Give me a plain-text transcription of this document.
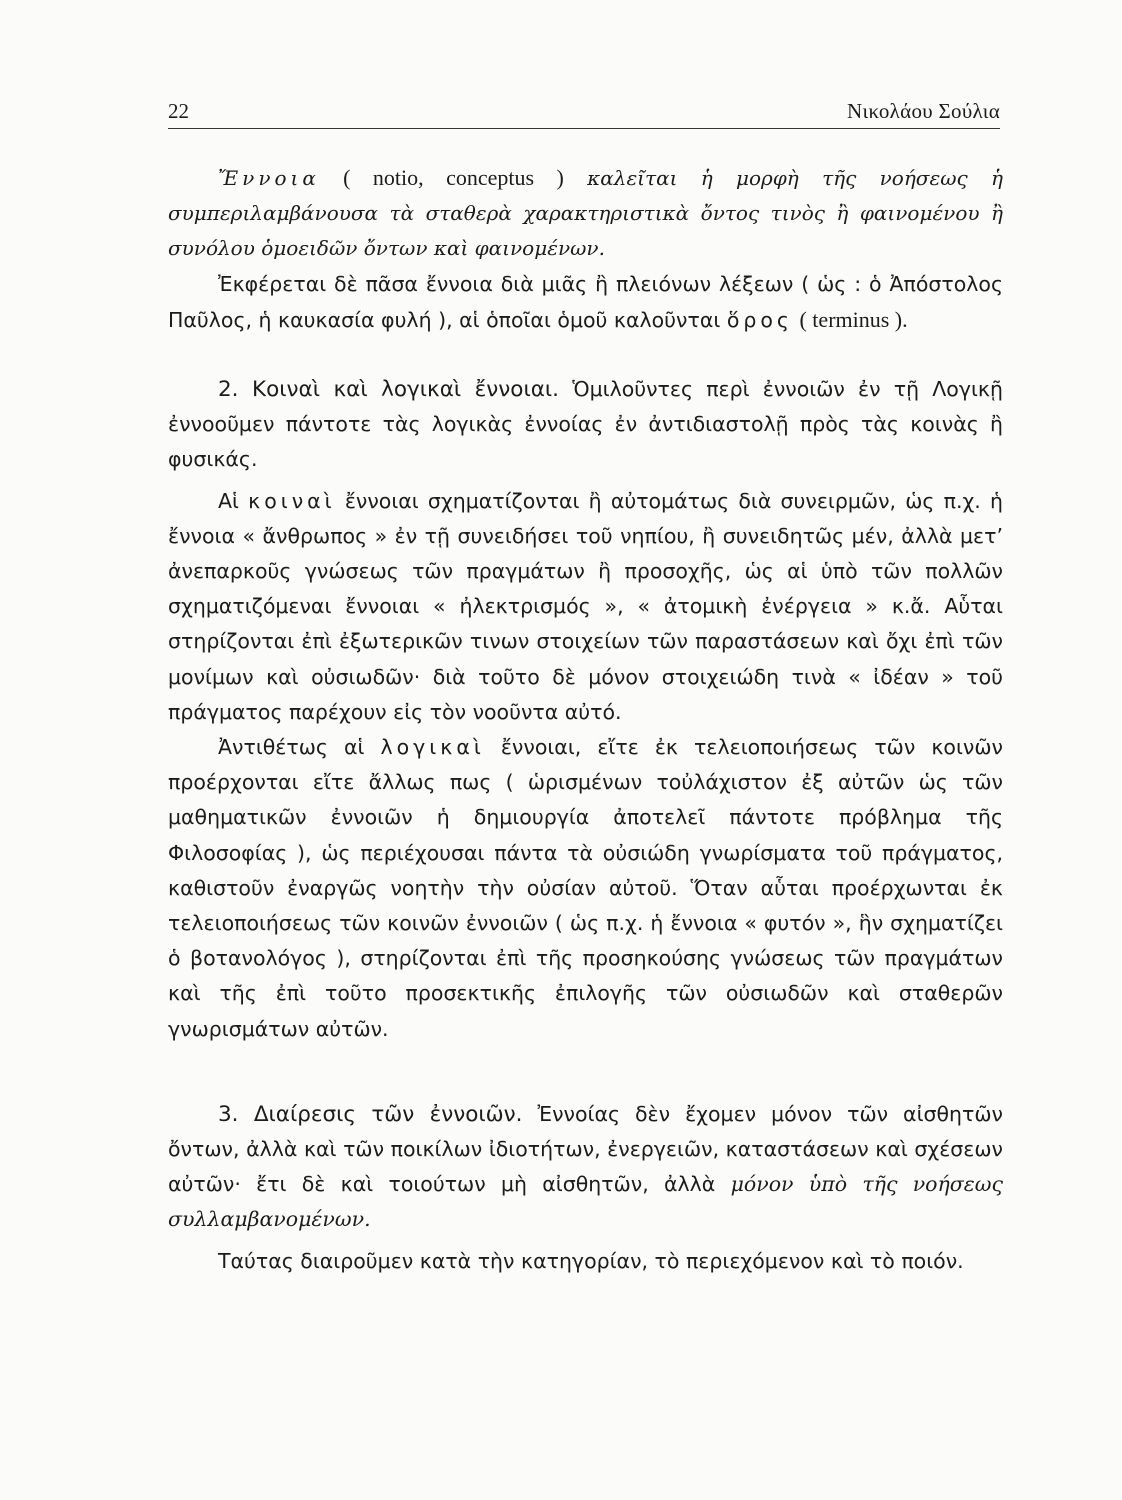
22	Νικολάου Σούλια

Ἔννοια ( notio, conceptus ) καλεῖται ἡ μορφὴ τῆς νοήσεως ἡ συμπεριλαμβάνουσα τὰ σταθερὰ χαρακτηριστικὰ ὄντος τινὸς ἢ φαινομένου ἢ συνόλου ὁμοειδῶν ὄντων καὶ φαινομένων.

Ἐκφέρεται δὲ πᾶσα ἔννοια διὰ μιᾶς ἢ πλειόνων λέξεων ( ὡς : ὁ Ἀπόστολος Παῦλος, ἡ καυκασία φυλή ), αἱ ὁποῖαι ὁμοῦ καλοῦνται ὅρος ( terminus ).

2. Κοιναὶ καὶ λογικαὶ ἔννοιαι. Ὁμιλοῦντες περὶ ἐννοιῶν ἐν τῇ Λογικῇ ἐννοοῦμεν πάντοτε τὰς λογικὰς ἐννοίας ἐν ἀντιδιαστολῇ πρὸς τὰς κοινὰς ἢ φυσικάς.

Αἱ κοιναὶ ἔννοιαι σχηματίζονται ἢ αὐτομάτως διὰ συνειρμῶν, ὡς π.χ. ἡ ἔννοια « ἄνθρωπος » ἐν τῇ συνειδήσει τοῦ νηπίου, ἢ συνειδητῶς μέν, ἀλλὰ μετ’ ἀνεπαρκοῦς γνώσεως τῶν πραγμάτων ἢ προσοχῆς, ὡς αἱ ὑπὸ τῶν πολλῶν σχηματιζόμεναι ἔννοιαι « ἠλεκτρισμός », « ἀτομικὴ ἐνέργεια » κ.ἄ. Αὗται στηρίζονται ἐπὶ ἐξωτερικῶν τινων στοιχείων τῶν παραστάσεων καὶ ὄχι ἐπὶ τῶν μονίμων καὶ οὐσιωδῶν· διὰ τοῦτο δὲ μόνον στοιχειώδη τινὰ « ἰδέαν » τοῦ πράγματος παρέχουν εἰς τὸν νοοῦντα αὐτό.

Ἀντιθέτως αἱ λογικαὶ ἔννοιαι, εἴτε ἐκ τελειοποιήσεως τῶν κοινῶν προέρχονται εἴτε ἄλλως πως ( ὡρισμένων τοὐλάχιστον ἐξ αὐτῶν ὡς τῶν μαθηματικῶν ἐννοιῶν ἡ δημιουργία ἀποτελεῖ πάντοτε πρόβλημα τῆς Φιλοσοφίας ), ὡς περιέχουσαι πάντα τὰ οὐσιώδη γνωρίσματα τοῦ πράγματος, καθιστοῦν ἐναργῶς νοητὴν τὴν οὐσίαν αὐτοῦ. Ὅταν αὗται προέρχωνται ἐκ τελειοποιήσεως τῶν κοινῶν ἐννοιῶν ( ὡς π.χ. ἡ ἔννοια « φυτόν », ἣν σχηματίζει ὁ βοτανολόγος ), στηρίζονται ἐπὶ τῆς προσηκούσης γνώσεως τῶν πραγμάτων καὶ τῆς ἐπὶ τοῦτο προσεκτικῆς ἐπιλογῆς τῶν οὐσιωδῶν καὶ σταθερῶν γνωρισμάτων αὐτῶν.

3. Διαίρεσις τῶν ἐννοιῶν. Ἐννοίας δὲν ἔχομεν μόνον τῶν αἰσθητῶν ὄντων, ἀλλὰ καὶ τῶν ποικίλων ἰδιοτήτων, ἐνεργειῶν, καταστάσεων καὶ σχέσεων αὐτῶν· ἔτι δὲ καὶ τοιούτων μὴ αἰσθητῶν, ἀλλὰ μόνον ὑπὸ τῆς νοήσεως συλλαμβανομένων.

Ταύτας διαιροῦμεν κατὰ τὴν κατηγορίαν, τὸ περιεχόμενον καὶ τὸ ποιόν.
